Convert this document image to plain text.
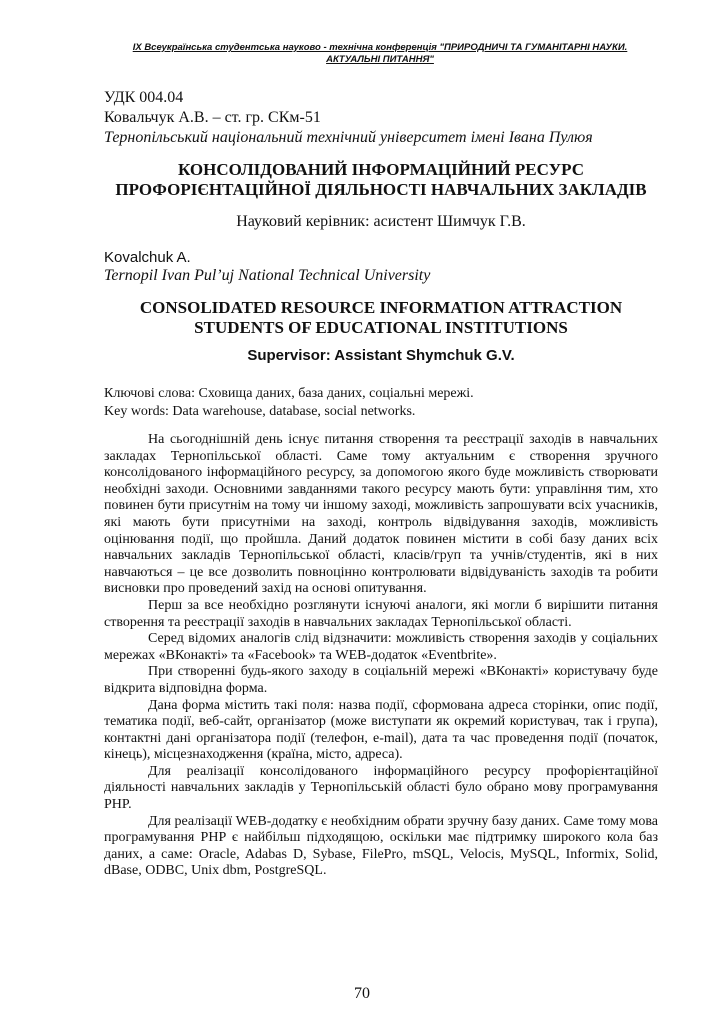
IX Всеукраїнська студентська науково - технічна конференція "ПРИРОДНИЧІ ТА ГУМАНІТАРНІ НАУКИ. АКТУАЛЬНІ ПИТАННЯ"
УДК 004.04
Ковальчук А.В. – ст. гр. СКм-51
Тернопільський національний технічний університет імені Івана Пулюя
КОНСОЛІДОВАНИЙ ІНФОРМАЦІЙНИЙ РЕСУРС ПРОФОРІЄНТАЦІЙНОЇ ДІЯЛЬНОСТІ НАВЧАЛЬНИХ ЗАКЛАДІВ
Науковий керівник: асистент Шимчук Г.В.
Kovalchuk A.
Ternopil Ivan Pul’uj National Technical University
CONSOLIDATED RESOURCE INFORMATION ATTRACTION STUDENTS OF EDUCATIONAL INSTITUTIONS
Supervisor: Assistant Shymchuk G.V.
Ключові слова: Сховища даних, база даних, соціальні мережі.
Key words: Data warehouse, database, social networks.

На сьогоднішній день існує питання створення та реєстрації заходів в навчальних закладах Тернопільської області. Саме тому актуальним є створення зручного консолідованого інформаційного ресурсу, за допомогою якого буде можливість створювати необхідні заходи. Основними завданнями такого ресурсу мають бути: управління тим, хто повинен бути присутнім на тому чи іншому заході, можливість запрошувати всіх учасників, які мають бути присутніми на заході, контроль відвідування заходів, можливість оцінювання події, що пройшла. Даний додаток повинен містити в собі базу даних всіх навчальних закладів Тернопільської області, класів/груп та учнів/студентів, які в них навчаються – це все дозволить повноцінно контролювати відвідуваність заходів та робити висновки про проведений захід на основі опитування.

Перш за все необхідно розглянути існуючі аналоги, які могли б вирішити питання створення та реєстрації заходів в навчальних закладах Тернопільської області.

Серед відомих аналогів слід відзначити: можливість створення заходів у соціальних мережах «ВКонакті» та «Facebook» та WEB-додаток «Eventbrite».

При створенні будь-якого заходу в соціальній мережі «ВКонакті» користувачу буде відкрита відповідна форма.

Дана форма містить такі поля: назва події, сформована адреса сторінки, опис події, тематика події, веб-сайт, організатор (може виступати як окремий користувач, так і група), контактні дані організатора події (телефон, e-mail), дата та час проведення події (початок, кінець), місцезнаходження (країна, місто, адреса).

Для реалізації консолідованого інформаційного ресурсу профорієнтаційної діяльності навчальних закладів у Тернопільській області було обрано мову програмування PHP.

Для реалізації WEB-додатку є необхідним обрати зручну базу даних. Саме тому мова програмування PHP є найбільш підходящою, оскільки має підтримку широкого кола баз даних, а саме: Oracle, Adabas D, Sybase, FilePro, mSQL, Velocis, MySQL, Informix, Solid, dBase, ODBC, Unix dbm, PostgreSQL.

70
